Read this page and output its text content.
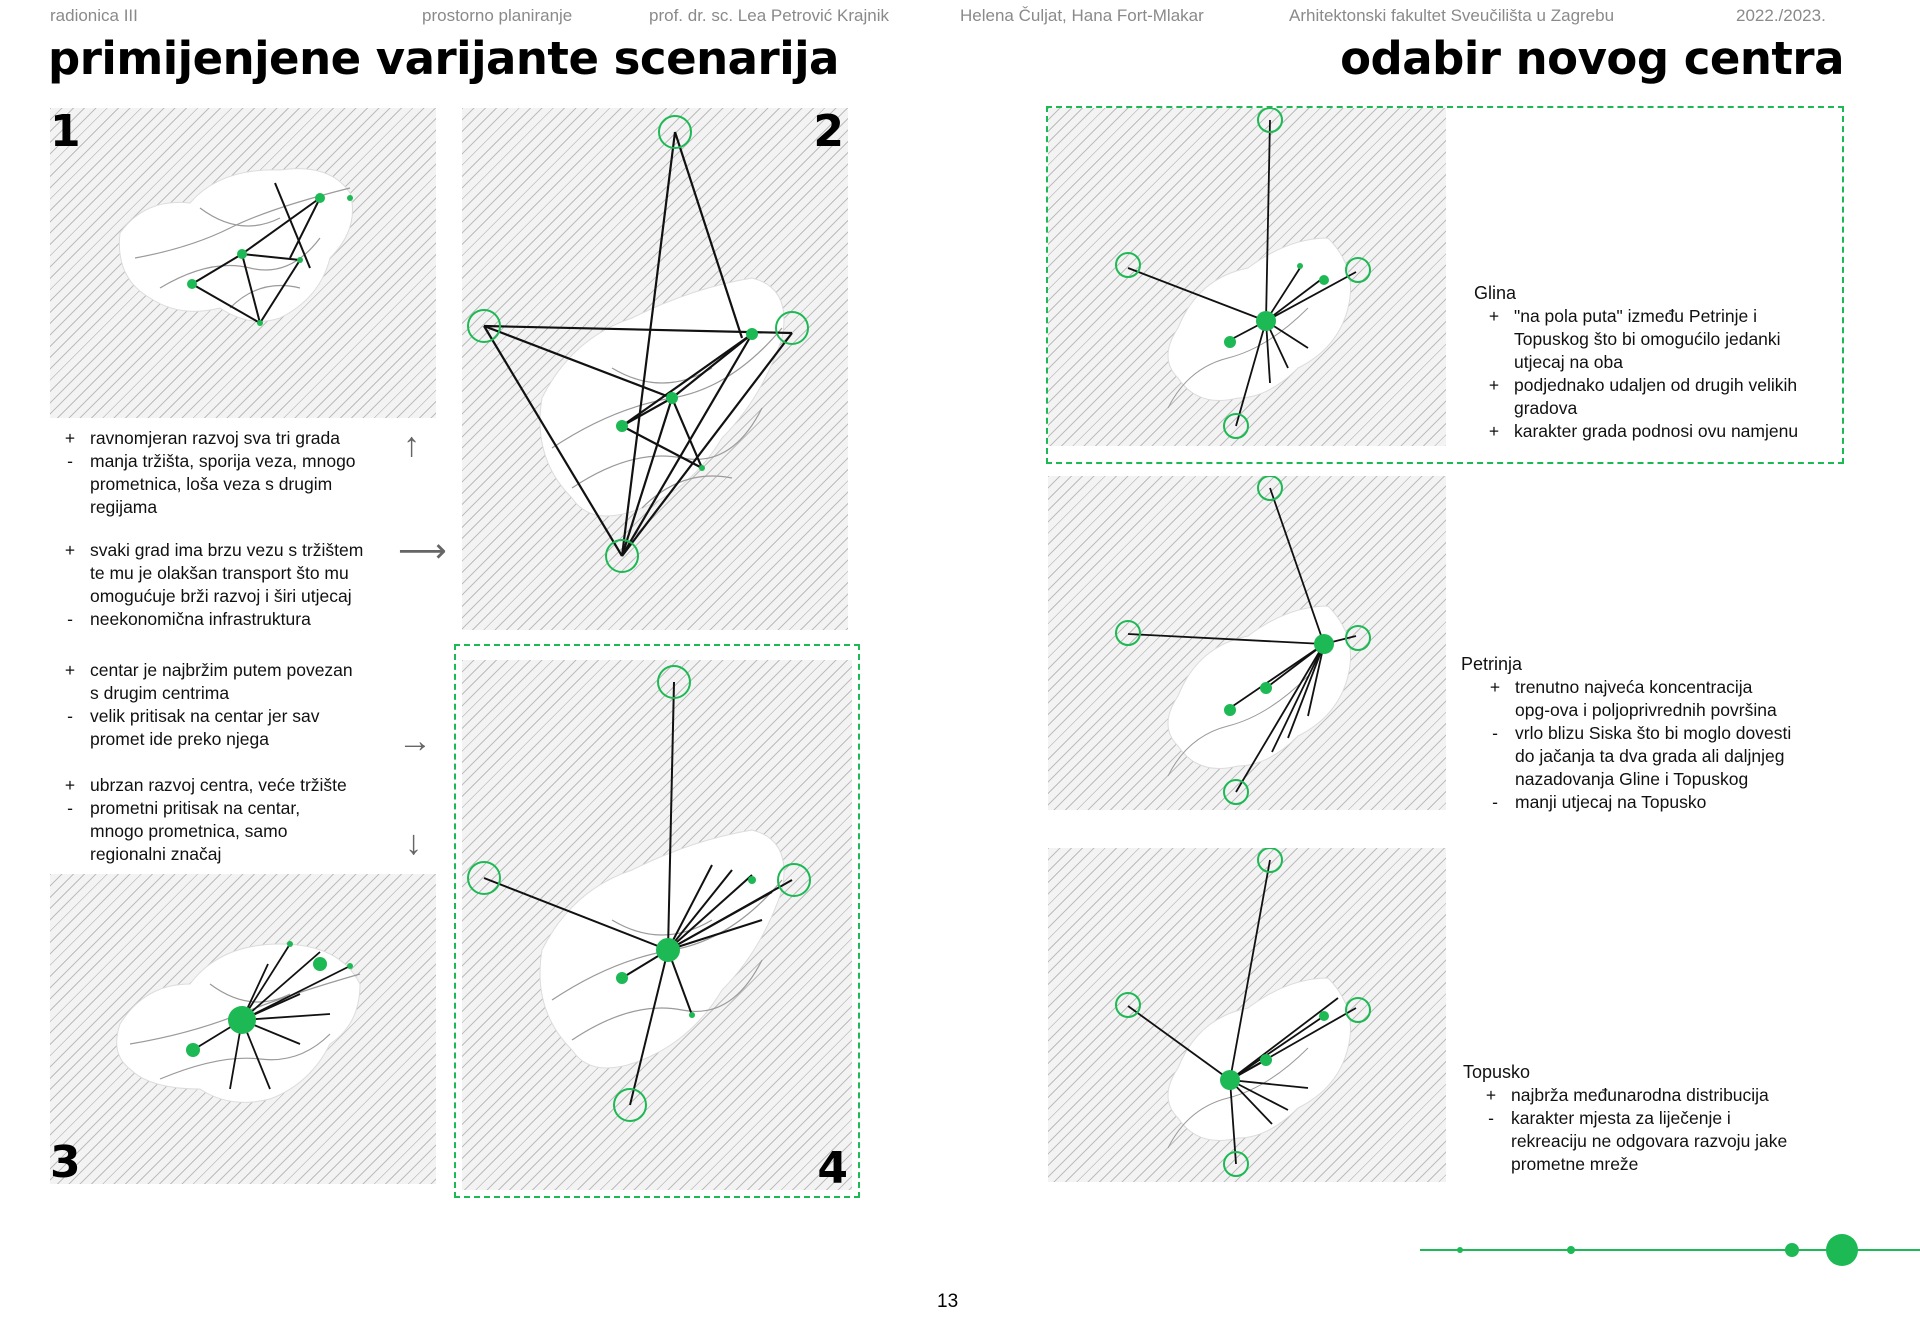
radionica III	prostorno planiranje	prof. dr. sc. Lea Petrović Krajnik	Helena Čuljat, Hana Fort-Mlakar	Arhitektonski fakultet Sveučilišta u Zagrebu	2022./2023.
primijenjene varijante scenarija	odabir novog centra
1	2
3	4
+ ravnomjeran razvoj sva tri grada
- manja tržišta, sporija veza, mnogo
prometnica, loša veza s drugim
regijama
↑
+ svaki grad ima brzu vezu s tržištem
te mu je olakšan transport što mu
omogućuje brži razvoj i širi utjecaj
- neekonomična infrastruktura
⟶
+ centar je najbržim putem povezan
s drugim centrima
- velik pritisak na centar jer sav
promet ide preko njega	→
+ ubrzan razvoj centra, veće tržište
- prometni pritisak na centar,
mnogo prometnica, samo
regionalni značaj	↓
Glina
+ "na pola puta" između Petrinje i
Topuskog što bi omogućilo jedanki
utjecaj na oba
+ podjednako udaljen od drugih velikih
gradova
+ karakter grada podnosi ovu namjenu
Petrinja
+ trenutno najveća koncentracija
opg-ova i poljoprivrednih površina
- vrlo blizu Siska što bi moglo dovesti
do jačanja ta dva grada ali daljnjeg
nazadovanja Gline i Topuskog
- manji utjecaj na Topusko
Topusko
+ najbrža međunarodna distribucija
- karakter mjesta za liječenje i
rekreaciju ne odgovara razvoju jake
prometne mreže
13
